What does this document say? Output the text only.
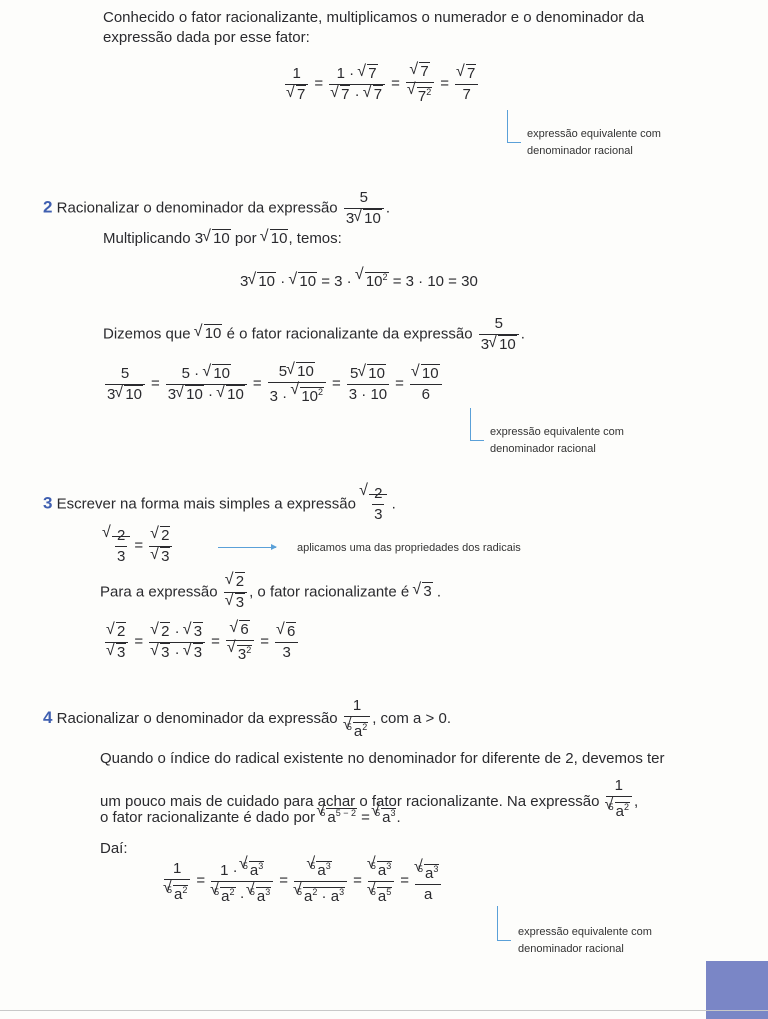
Conhecido o fator racionalizante, multiplicamos o numerador e o denominador da
expressão dada por esse fator:
1
√ 7 = 1 · √ 7
√ 7 · √ 7 = √ 7
√ $7^2$ = √ $\frac{7}{7}$
expressão equivalente com
denominador racional
2 Racionalizar o denominador da expressão $\frac{5}{3 √ 10}$ .
Multiplicando 3 √ 10 por √ 10, temos:
3 √ 10 · √ 10 = 3 · √ $10^2 = 3 \cdot 10 = 30$
Dizemos que √ 10 é o fator racionalizante da expressão $\frac{5}{3 √ 10}$ .
$\frac{5}{3 √ 10} = \frac{5 \cdot √ 10}{3 √ 10 \cdot √ 10} = \frac{5 √ 10}{3 \cdot √ 10^2} = \frac{5 √ 10}{3 \cdot 10}$ = √ $\frac{10}{6}$
expressão equivalente com
denominador racional
3 Escrever na forma mais simples a expressão √ $\frac{2}{3}$ .
√ $\frac{2}{3}$ = √ 2
√ 3	aplicamos uma das propriedades dos radicais
Para a expressão √ 2
√ 3 , o fator racionalizante é √ 3 .
√ 2
√ 3 = √ 2 · √ 3
√ 3 · √ 3 = √ 6
√ $3^2$ = √ $\frac{6}{3}$
4 Racionalizar o denominador da expressão $\frac{1}{^5 √ a^2}$ , com a > 0.
Quando o índice do radical existente no denominador for diferente de 2, devemos ter
um pouco mais de cuidado para achar o fator racionalizante. Na expressão $\frac{1}{^5 √ a^2}$ ,
o fator racionalizante é dado por $^5$ √ $a^{5 - 2} = ^5$ √ $a^3$.
Daí:
$\frac{1}{^5 √ a^2} = \frac{1 \cdot ^5 √ a^3}{^5 √ a^2 \cdot ^5 √ a^3} = \frac{^5 √ a^3}{^5 √ a^2 \cdot a^3} = \frac{^5 √ a^3}{^5 √ a^5} = \frac{^5 √ a^3}{a}$
expressão equivalente com
denominador racional
